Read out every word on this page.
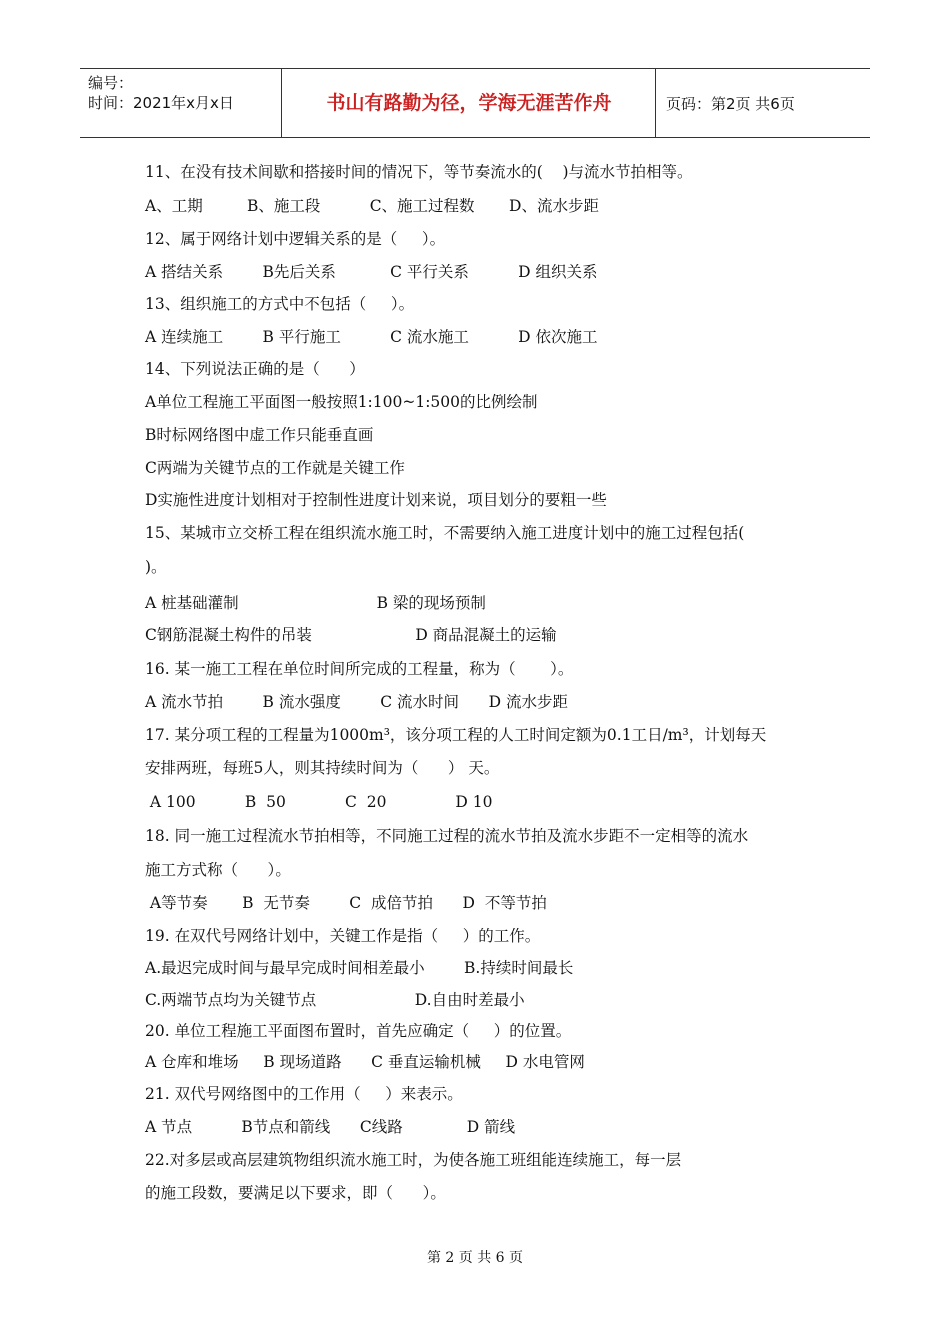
编号：
时间：2021年x月x日	书山有路勤为径，学海无涯苦作舟	页码：第2页 共6页
11、在没有技术间歇和搭接时间的情况下，等节奏流水的(    )与流水节拍相等。
A、工期         B、施工段          C、施工过程数       D、流水步距
12、属于网络计划中逻辑关系的是（     ）。
A 搭结关系        B先后关系           C 平行关系          D 组织关系
13、组织施工的方式中不包括（     ）。
A 连续施工        B 平行施工          C 流水施工          D 依次施工
14、下列说法正确的是（      ）
A单位工程施工平面图一般按照1:100~1:500的比例绘制
B时标网络图中虚工作只能垂直画
C两端为关键节点的工作就是关键工作
D实施性进度计划相对于控制性进度计划来说，项目划分的要粗一些
15、某城市立交桥工程在组织流水施工时，不需要纳入施工进度计划中的施工过程包括(
)。
A 桩基础灌制                            B 梁的现场预制
C钢筋混凝土构件的吊装                     D 商品混凝土的运输
16. 某一施工工程在单位时间所完成的工程量，称为（       ）。
A 流水节拍        B 流水强度        C 流水时间      D 流水步距
17. 某分项工程的工程量为1000m³，该分项工程的人工时间定额为0.1工日/m³，计划每天
安排两班，每班5人，则其持续时间为（      ） 天。
A 100          B  50            C  20              D 10
18. 同一施工过程流水节拍相等，不同施工过程的流水节拍及流水步距不一定相等的流水
施工方式称（      ）。
A等节奏       B  无节奏        C  成倍节拍      D  不等节拍
19. 在双代号网络计划中，关键工作是指（     ）的工作。
A.最迟完成时间与最早完成时间相差最小        B.持续时间最长
C.两端节点均为关键节点                    D.自由时差最小
20. 单位工程施工平面图布置时，首先应确定（     ）的位置。
A 仓库和堆场     B 现场道路      C 垂直运输机械     D 水电管网
21. 双代号网络图中的工作用（     ）来表示。
A 节点          B节点和箭线      C线路             D 箭线
22.对多层或高层建筑物组织流水施工时，为使各施工班组能连续施工，每一层
的施工段数，要满足以下要求，即（      ）。
第 2 页 共 6 页
